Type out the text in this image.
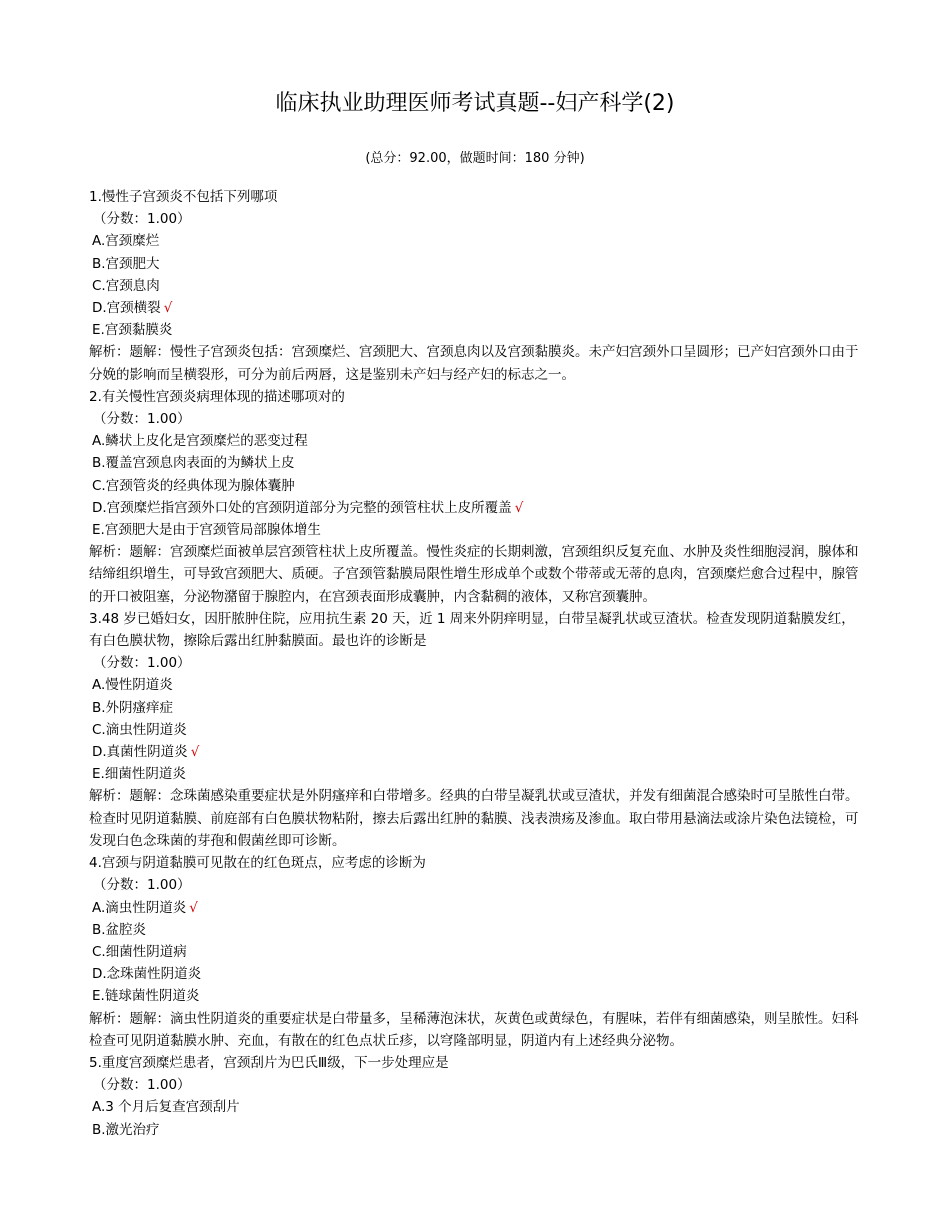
临床执业助理医师考试真题--妇产科学(2)
(总分：92.00，做题时间：180 分钟)

1.慢性子宫颈炎不包括下列哪项

（分数：1.00）

A.宫颈糜烂

B.宫颈肥大

C.宫颈息肉

D.宫颈横裂 √

E.宫颈黏膜炎

解析：题解：慢性子宫颈炎包括：宫颈糜烂、宫颈肥大、宫颈息肉以及宫颈黏膜炎。未产妇宫颈外口呈圆形；已产妇宫颈外口由于分娩的影响而呈横裂形，可分为前后两唇，这是鉴别未产妇与经产妇的标志之一。

2.有关慢性宫颈炎病理体现的描述哪项对的

（分数：1.00）

A.鳞状上皮化是宫颈糜烂的恶变过程

B.覆盖宫颈息肉表面的为鳞状上皮

C.宫颈管炎的经典体现为腺体囊肿

D.宫颈糜烂指宫颈外口处的宫颈阴道部分为完整的颈管柱状上皮所覆盖 √

E.宫颈肥大是由于宫颈管局部腺体增生

解析：题解：宫颈糜烂面被单层宫颈管柱状上皮所覆盖。慢性炎症的长期刺激，宫颈组织反复充血、水肿及炎性细胞浸润，腺体和结缔组织增生，可导致宫颈肥大、质硬。子宫颈管黏膜局限性增生形成单个或数个带蒂或无蒂的息肉，宫颈糜烂愈合过程中，腺管的开口被阻塞，分泌物潴留于腺腔内，在宫颈表面形成囊肿，内含黏稠的液体，又称宫颈囊肿。

3.48 岁已婚妇女，因肝脓肿住院，应用抗生素 20 天，近 1 周来外阴痒明显，白带呈凝乳状或豆渣状。检查发现阴道黏膜发红，有白色膜状物，擦除后露出红肿黏膜面。最也许的诊断是

（分数：1.00）

A.慢性阴道炎

B.外阴瘙痒症

C.滴虫性阴道炎

D.真菌性阴道炎 √

E.细菌性阴道炎

解析：题解：念珠菌感染重要症状是外阴瘙痒和白带增多。经典的白带呈凝乳状或豆渣状，并发有细菌混合感染时可呈脓性白带。检查时见阴道黏膜、前庭部有白色膜状物粘附，擦去后露出红肿的黏膜、浅表溃疡及渗血。取白带用悬滴法或涂片染色法镜检，可发现白色念珠菌的芽孢和假菌丝即可诊断。

4.宫颈与阴道黏膜可见散在的红色斑点，应考虑的诊断为

（分数：1.00）

A.滴虫性阴道炎 √

B.盆腔炎

C.细菌性阴道病

D.念珠菌性阴道炎

E.链球菌性阴道炎

解析：题解：滴虫性阴道炎的重要症状是白带量多，呈稀薄泡沫状，灰黄色或黄绿色，有腥味，若伴有细菌感染，则呈脓性。妇科检查可见阴道黏膜水肿、充血，有散在的红色点状丘疹，以穹隆部明显，阴道内有上述经典分泌物。

5.重度宫颈糜烂患者，宫颈刮片为巴氏Ⅲ级，下一步处理应是

（分数：1.00）

A.3 个月后复查宫颈刮片

B.激光治疗
